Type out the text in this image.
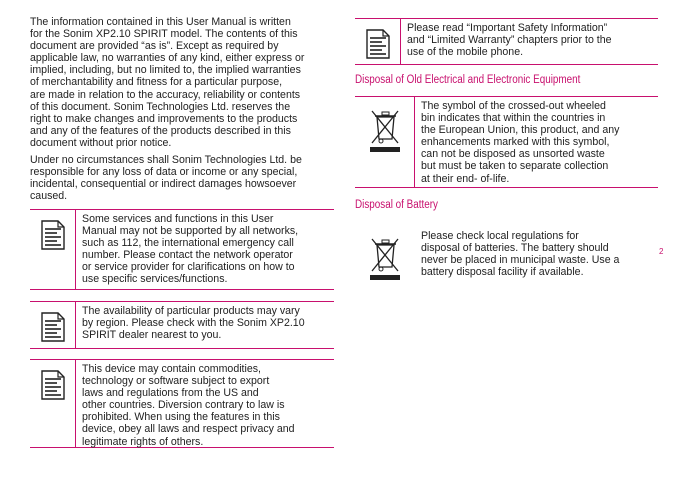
The information contained in this User Manual is written
for the Sonim XP2.10 SPIRIT model. The contents of this
document are provided “as is”. Except as required by
applicable law, no warranties of any kind, either express or
implied, including, but no limited to, the implied warranties
of merchantability and fitness for a particular purpose,
are made in relation to the accuracy, reliability or contents
of this document. Sonim Technologies Ltd. reserves the
right to make changes and improvements to the products
and any of the features of the products described in this
document without prior notice.

Under no circumstances shall Sonim Technologies Ltd. be
responsible for any loss of data or income or any special,
incidental, consequential or indirect damages howsoever
caused.

Some services and functions in this User
Manual may not be supported by all networks,
such as 112, the international emergency call
number. Please contact the network operator
or service provider for clarifications on how to
use specific services/functions.
The availability of particular products may vary
by region. Please check with the Sonim XP2.10
SPIRIT dealer nearest to you.
This device may contain commodities,
technology or software subject to export
laws and regulations from the US and
other countries. Diversion contrary to law is
prohibited. When using the features in this
device, obey all laws and respect privacy and
legitimate rights of others.
Please read “Important Safety Information”
and “Limited Warranty” chapters prior to the
use of the mobile phone.
Disposal of Old Electrical and Electronic Equipment
The symbol of the crossed-out wheeled
bin indicates that within the countries in
the European Union, this product, and any
enhancements marked with this symbol,
can not be disposed as unsorted waste
but must be taken to separate collection
at their end- of-life.
Disposal of Battery
Please check local regulations for
disposal of batteries. The battery should
never be placed in municipal waste. Use a
battery disposal facility if available.
2
